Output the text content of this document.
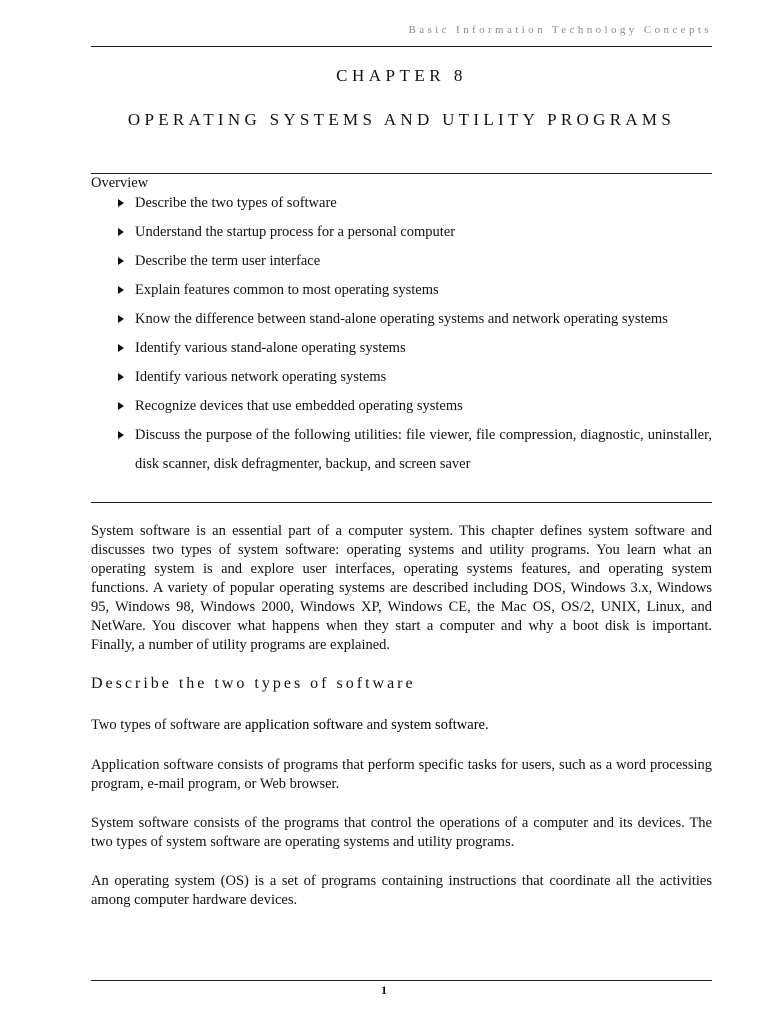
Basic Information Technology Concepts
CHAPTER 8
OPERATING SYSTEMS AND UTILITY PROGRAMS
Overview
Describe the two types of software
Understand the startup process for a personal computer
Describe the term user interface
Explain features common to most operating systems
Know the difference between stand-alone operating systems and network operating systems
Identify various stand-alone operating systems
Identify various network operating systems
Recognize devices that use embedded operating systems
Discuss the purpose of the following utilities: file viewer, file compression, diagnostic, uninstaller, disk scanner, disk defragmenter, backup, and screen saver

System software is an essential part of a computer system. This chapter defines system software and discusses two types of system software: operating systems and utility programs. You learn what an operating system is and explore user interfaces, operating systems features, and operating system functions. A variety of popular operating systems are described including DOS, Windows 3.x, Windows 95, Windows 98, Windows 2000, Windows XP, Windows CE, the Mac OS, OS/2, UNIX, Linux, and NetWare. You discover what happens when they start a computer and why a boot disk is important. Finally, a number of utility programs are explained.

Describe the two types of software

Two types of software are application software and system software.

Application software consists of programs that perform specific tasks for users, such as a word processing program, e-mail program, or Web browser.

System software consists of the programs that control the operations of a computer and its devices. The two types of system software are operating systems and utility programs.

An operating system (OS) is a set of programs containing instructions that coordinate all the activities among computer hardware devices.

1
